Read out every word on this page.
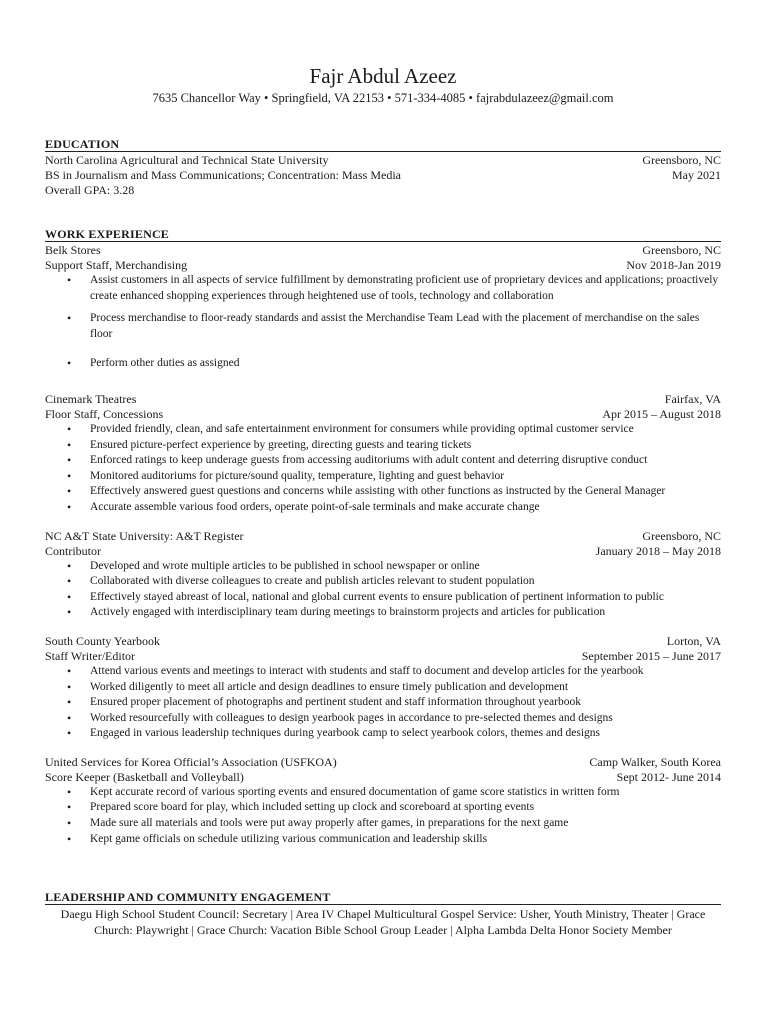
Fajr Abdul Azeez

7635 Chancellor Way • Springfield, VA 22153 • 571-334-4085 • fajrabdulazeez@gmail.com

EDUCATION
North Carolina Agricultural and Technical State University	Greensboro, NC
BS in Journalism and Mass Communications; Concentration: Mass Media	May 2021
Overall GPA: 3.28
WORK EXPERIENCE
Belk Stores	Greensboro, NC
Support Staff, Merchandising	Nov 2018-Jan 2019
• Assist customers in all aspects of service fulfillment by demonstrating proficient use of proprietary devices and applications; proactively create enhanced shopping experiences through heightened use of tools, technology and collaboration
• Process merchandise to floor-ready standards and assist the Merchandise Team Lead with the placement of merchandise on the sales floor
• Perform other duties as assigned
Cinemark Theatres	Fairfax, VA
Floor Staff, Concessions	Apr 2015 – August 2018
• Provided friendly, clean, and safe entertainment environment for consumers while providing optimal customer service
• Ensured picture-perfect experience by greeting, directing guests and tearing tickets
• Enforced ratings to keep underage guests from accessing auditoriums with adult content and deterring disruptive conduct
• Monitored auditoriums for picture/sound quality, temperature, lighting and guest behavior
• Effectively answered guest questions and concerns while assisting with other functions as instructed by the General Manager
• Accurate assemble various food orders, operate point-of-sale terminals and make accurate change
NC A&T State University: A&T Register	Greensboro, NC
Contributor	January 2018 – May 2018
• Developed and wrote multiple articles to be published in school newspaper or online
• Collaborated with diverse colleagues to create and publish articles relevant to student population
• Effectively stayed abreast of local, national and global current events to ensure publication of pertinent information to public
• Actively engaged with interdisciplinary team during meetings to brainstorm projects and articles for publication
South County Yearbook	Lorton, VA
Staff Writer/Editor	September 2015 – June 2017
• Attend various events and meetings to interact with students and staff to document and develop articles for the yearbook
• Worked diligently to meet all article and design deadlines to ensure timely publication and development
• Ensured proper placement of photographs and pertinent student and staff information throughout yearbook
• Worked resourcefully with colleagues to design yearbook pages in accordance to pre-selected themes and designs
• Engaged in various leadership techniques during yearbook camp to select yearbook colors, themes and designs
United Services for Korea Official’s Association (USFKOA)	Camp Walker, South Korea
Score Keeper (Basketball and Volleyball)	Sept 2012- June 2014
• Kept accurate record of various sporting events and ensured documentation of game score statistics in written form
• Prepared score board for play, which included setting up clock and scoreboard at sporting events
• Made sure all materials and tools were put away properly after games, in preparations for the next game
• Kept game officials on schedule utilizing various communication and leadership skills
LEADERSHIP AND COMMUNITY ENGAGEMENT

Daegu High School Student Council: Secretary | Area IV Chapel Multicultural Gospel Service: Usher, Youth Ministry, Theater | Grace Church: Playwright | Grace Church: Vacation Bible School Group Leader | Alpha Lambda Delta Honor Society Member
